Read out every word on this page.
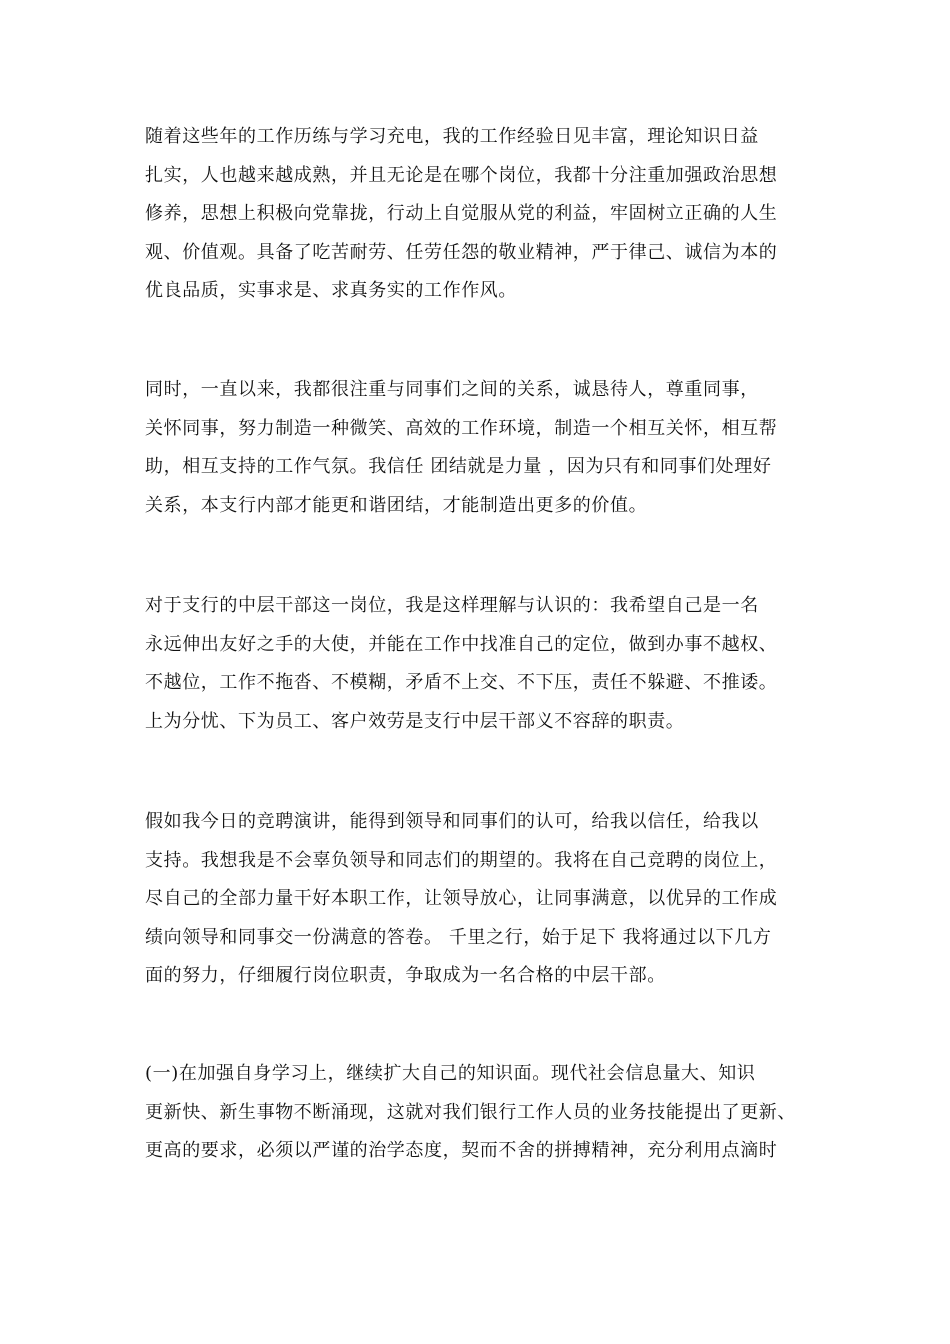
随着这些年的工作历练与学习充电，我的工作经验日见丰富，理论知识日益
扎实，人也越来越成熟，并且无论是在哪个岗位，我都十分注重加强政治思想
修养，思想上积极向党靠拢，行动上自觉服从党的利益，牢固树立正确的人生
观、价值观。具备了吃苦耐劳、任劳任怨的敬业精神，严于律己、诚信为本的
优良品质，实事求是、求真务实的工作作风。

同时，一直以来，我都很注重与同事们之间的关系，诚恳待人，尊重同事，
关怀同事，努力制造一种微笑、高效的工作环境，制造一个相互关怀，相互帮
助，相互支持的工作气氛。我信任 团结就是力量 ，因为只有和同事们处理好
关系，本支行内部才能更和谐团结，才能制造出更多的价值。

对于支行的中层干部这一岗位，我是这样理解与认识的：我希望自己是一名
永远伸出友好之手的大使，并能在工作中找准自己的定位，做到办事不越权、
不越位，工作不拖沓、不模糊，矛盾不上交、不下压，责任不躲避、不推诿。
上为分忧、下为员工、客户效劳是支行中层干部义不容辞的职责。

假如我今日的竞聘演讲，能得到领导和同事们的认可，给我以信任，给我以
支持。我想我是不会辜负领导和同志们的期望的。我将在自己竞聘的岗位上，
尽自己的全部力量干好本职工作，让领导放心，让同事满意，以优异的工作成
绩向领导和同事交一份满意的答卷。 千里之行，始于足下 我将通过以下几方
面的努力，仔细履行岗位职责，争取成为一名合格的中层干部。

(一)在加强自身学习上，继续扩大自己的知识面。现代社会信息量大、知识
更新快、新生事物不断涌现，这就对我们银行工作人员的业务技能提出了更新、
更高的要求，必须以严谨的治学态度，契而不舍的拼搏精神，充分利用点滴时
